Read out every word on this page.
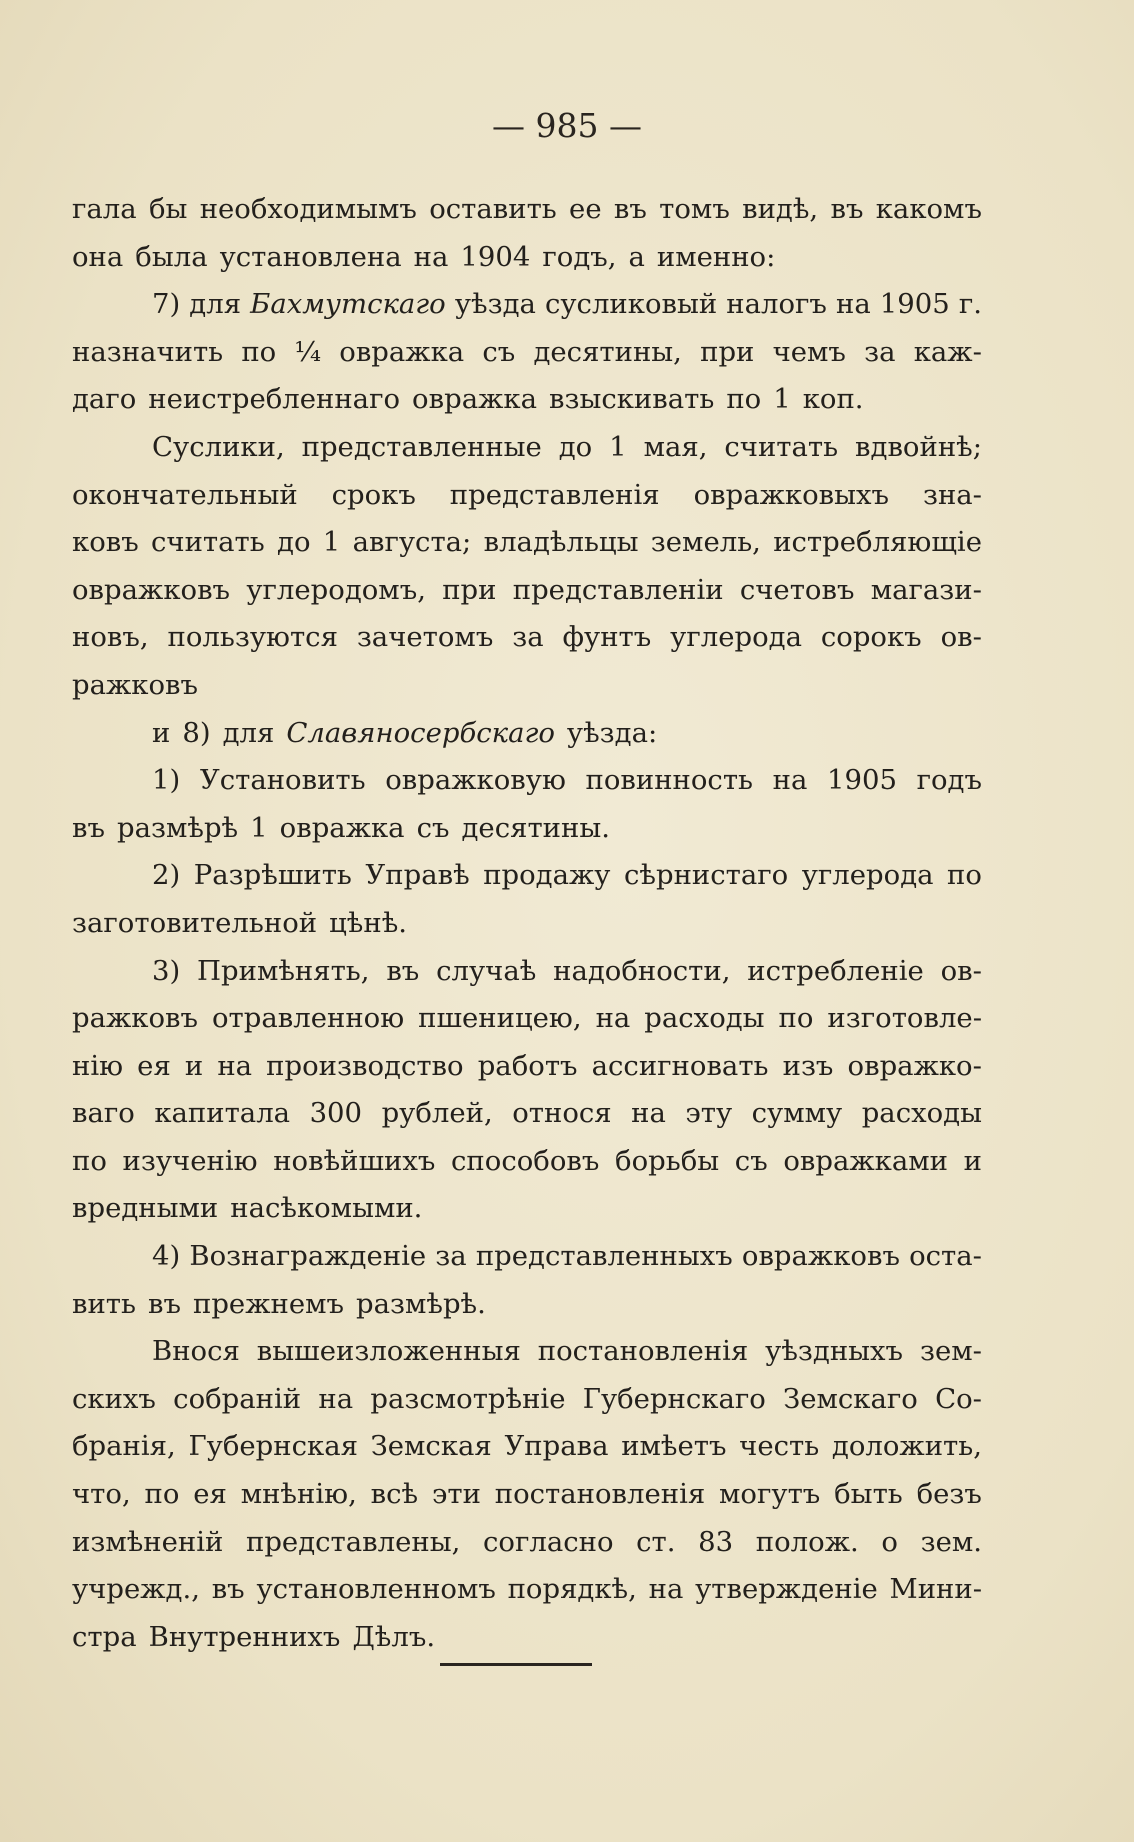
— 985 —
гала бы необходимымъ оставить ее въ томъ видѣ, въ какомъ
она
была
установлена
на
1904
годъ,
а
именно:
7) для Бахмутскаго уѣзда сусликовый налогъ на 1905 г.
назначить по ¼ овражка съ десятины, при чемъ за каж-
даго
неистребленнаго
овражка
взыскивать
по
1
коп.
Суслики, представленные до 1 мая, считать вдвойнѣ;
окончательный срокъ представленія овражковыхъ зна-
ковъ считать до 1 августа; владѣльцы земель, истребляющіе
овражковъ углеродомъ, при представленіи счетовъ магази-
новъ, пользуются зачетомъ за фунтъ углерода сорокъ ов-
ражковъ
и
8)
для
Славяносербскаго
уѣзда:
1) Установить овражковую повинность на 1905 годъ
въ
размѣрѣ
1
овражка
съ
десятины.
2) Разрѣшить Управѣ продажу сѣрнистаго углерода по
заготовительной
цѣнѣ.
3) Примѣнять, въ случаѣ надобности, истребленіе ов-
ражковъ отравленною пшеницею, на расходы по изготовле-
нію ея и на производство работъ ассигновать изъ овражко-
ваго капитала 300 рублей, относя на эту сумму расходы
по изученію новѣйшихъ способовъ борьбы съ овражками и
вредными
насѣкомыми.
4) Вознагражденіе за представленныхъ овражковъ оста-
вить
въ
прежнемъ
размѣрѣ.
Внося вышеизложенныя постановленія уѣздныхъ зем-
скихъ собраній на разсмотрѣніе Губернскаго Земскаго Со-
бранія, Губернская Земская Управа имѣетъ честь доложить,
что, по ея мнѣнію, всѣ эти постановленія могутъ быть безъ
измѣненій представлены, согласно ст. 83 полож. о зем.
учрежд., въ установленномъ порядкѣ, на утвержденіе Мини-
стра
Внутреннихъ
Дѣлъ.
